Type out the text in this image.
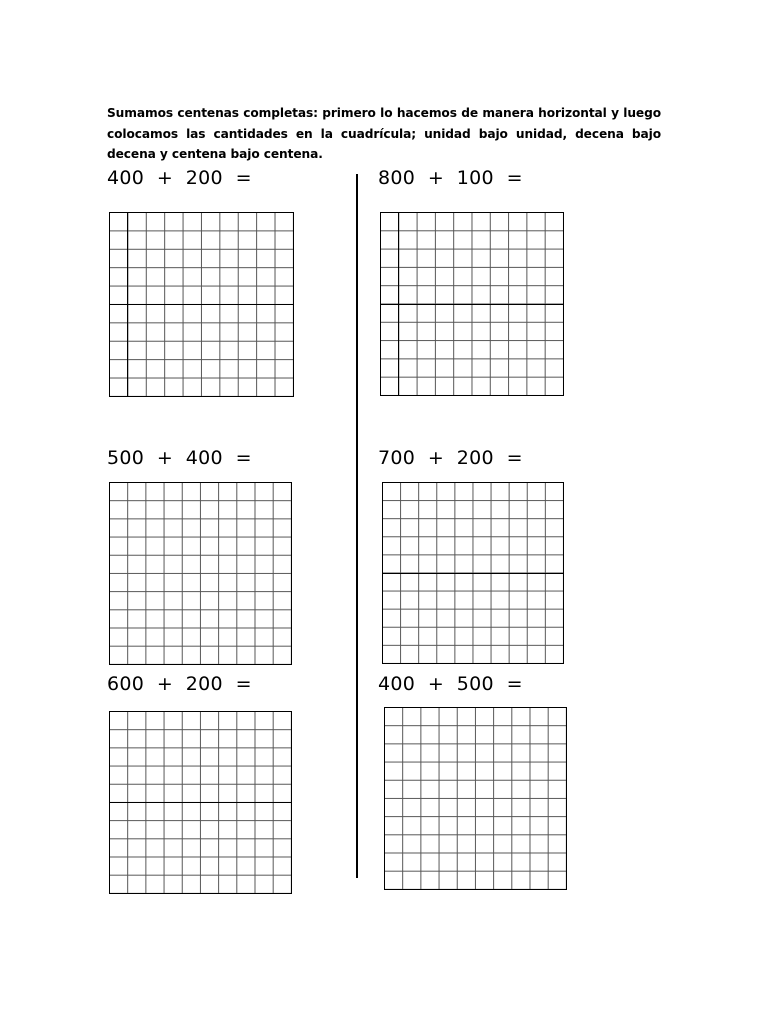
Sumamos centenas completas: primero lo hacemos de manera horizontal y luego colocamos las cantidades en la cuadrícula; unidad bajo unidad, decena bajo decena y centena bajo centena.

400  +  200  =	800  +  100  =
500  +  400  =	700  +  200  =
600  +  200  =	400  +  500  =
